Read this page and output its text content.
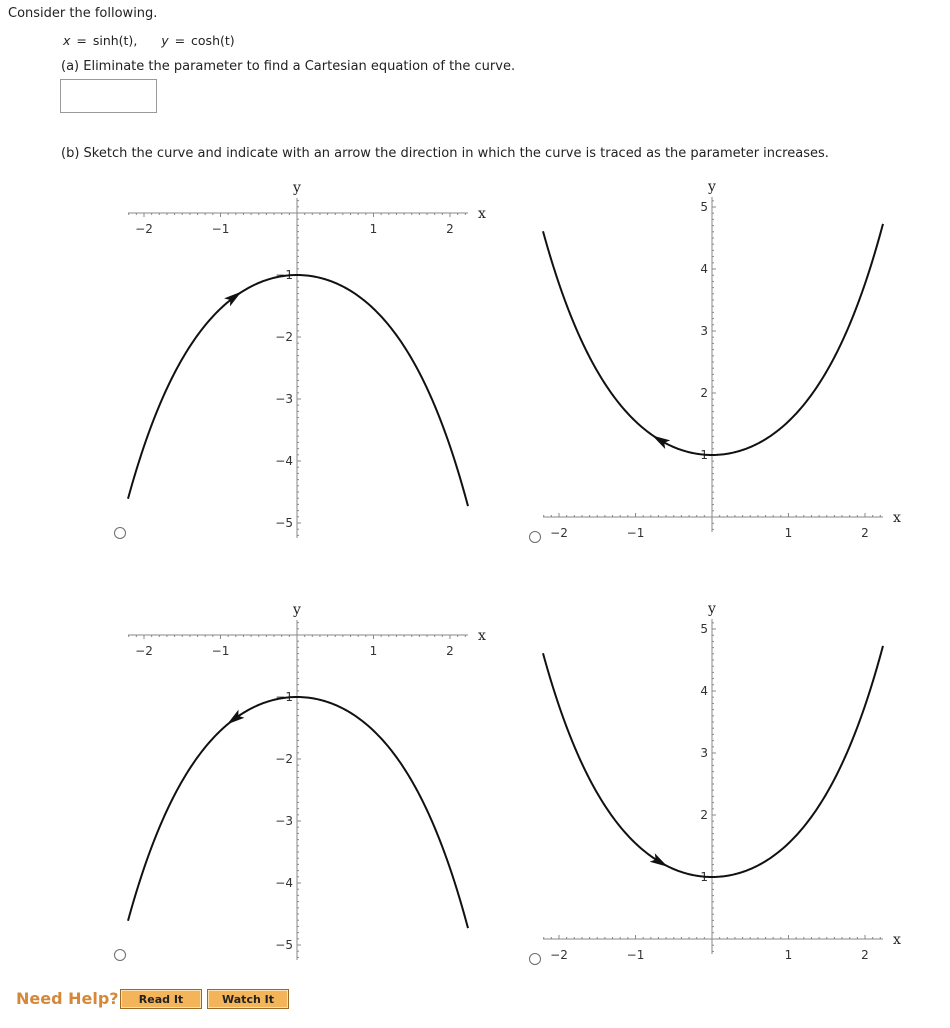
Consider the following.
x = sinh(t), y = cosh(t)
(a) Eliminate the parameter to find a Cartesian equation of the curve.
(b) Sketch the curve and indicate with an arrow the direction in which the curve is traced as the parameter increases.
−2	−1	1	2
−1
−2
−3
−4
−5
x
y
−2	−1	1	2
5
4
3
2
1
x
y
−2	−1	1	2
−1
−2
−3
−4
−5
x
y
−2	−1	1	2
5
4
3
2
1
x
y
Need Help?	Read It	Watch It
